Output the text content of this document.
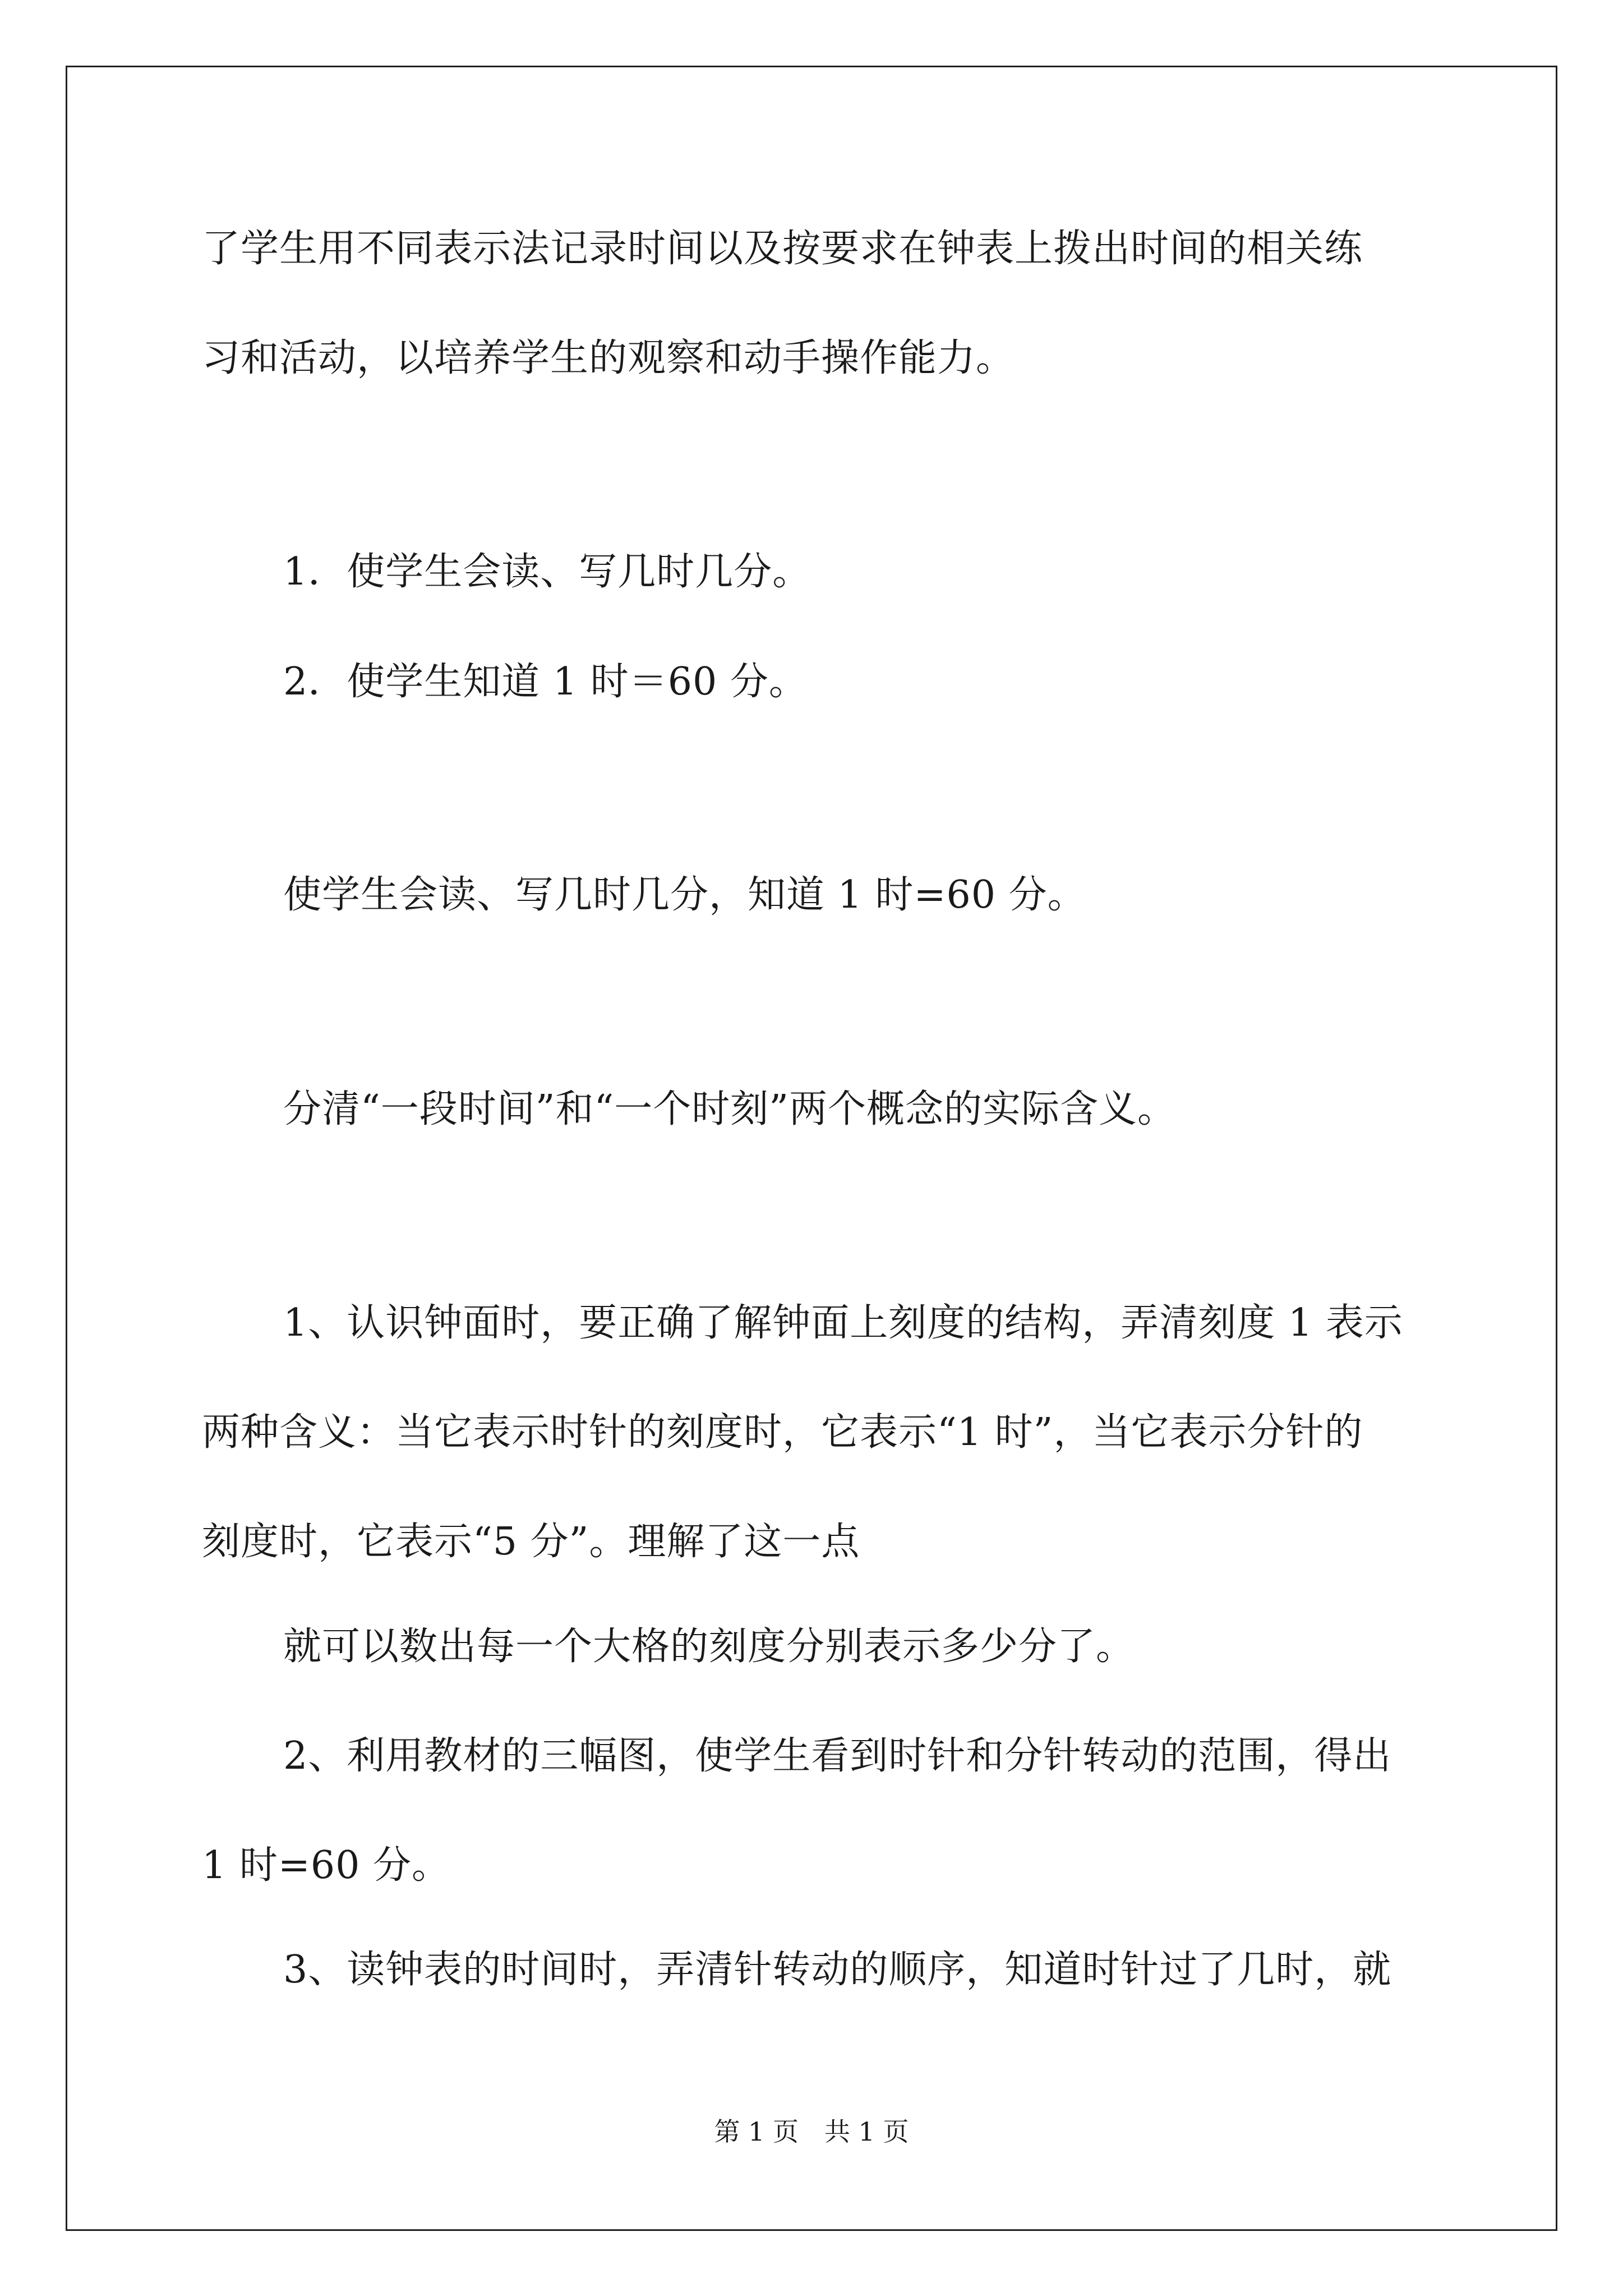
了学生用不同表示法记录时间以及按要求在钟表上拨出时间的相关练
习和活动，以培养学生的观察和动手操作能力。
1．使学生会读、写几时几分。
2．使学生知道 1 时＝60 分。
使学生会读、写几时几分，知道 1 时=60 分。
分清“一段时间”和“一个时刻”两个概念的实际含义。
1、认识钟面时，要正确了解钟面上刻度的结构，弄清刻度 1 表示
两种含义：当它表示时针的刻度时，它表示“1 时”，当它表示分针的
刻度时，它表示“5 分”。理解了这一点
就可以数出每一个大格的刻度分别表示多少分了。
2、利用教材的三幅图，使学生看到时针和分针转动的范围，得出
1 时=60 分。
3、读钟表的时间时，弄清针转动的顺序，知道时针过了几时，就
第 1 页　共 1 页
